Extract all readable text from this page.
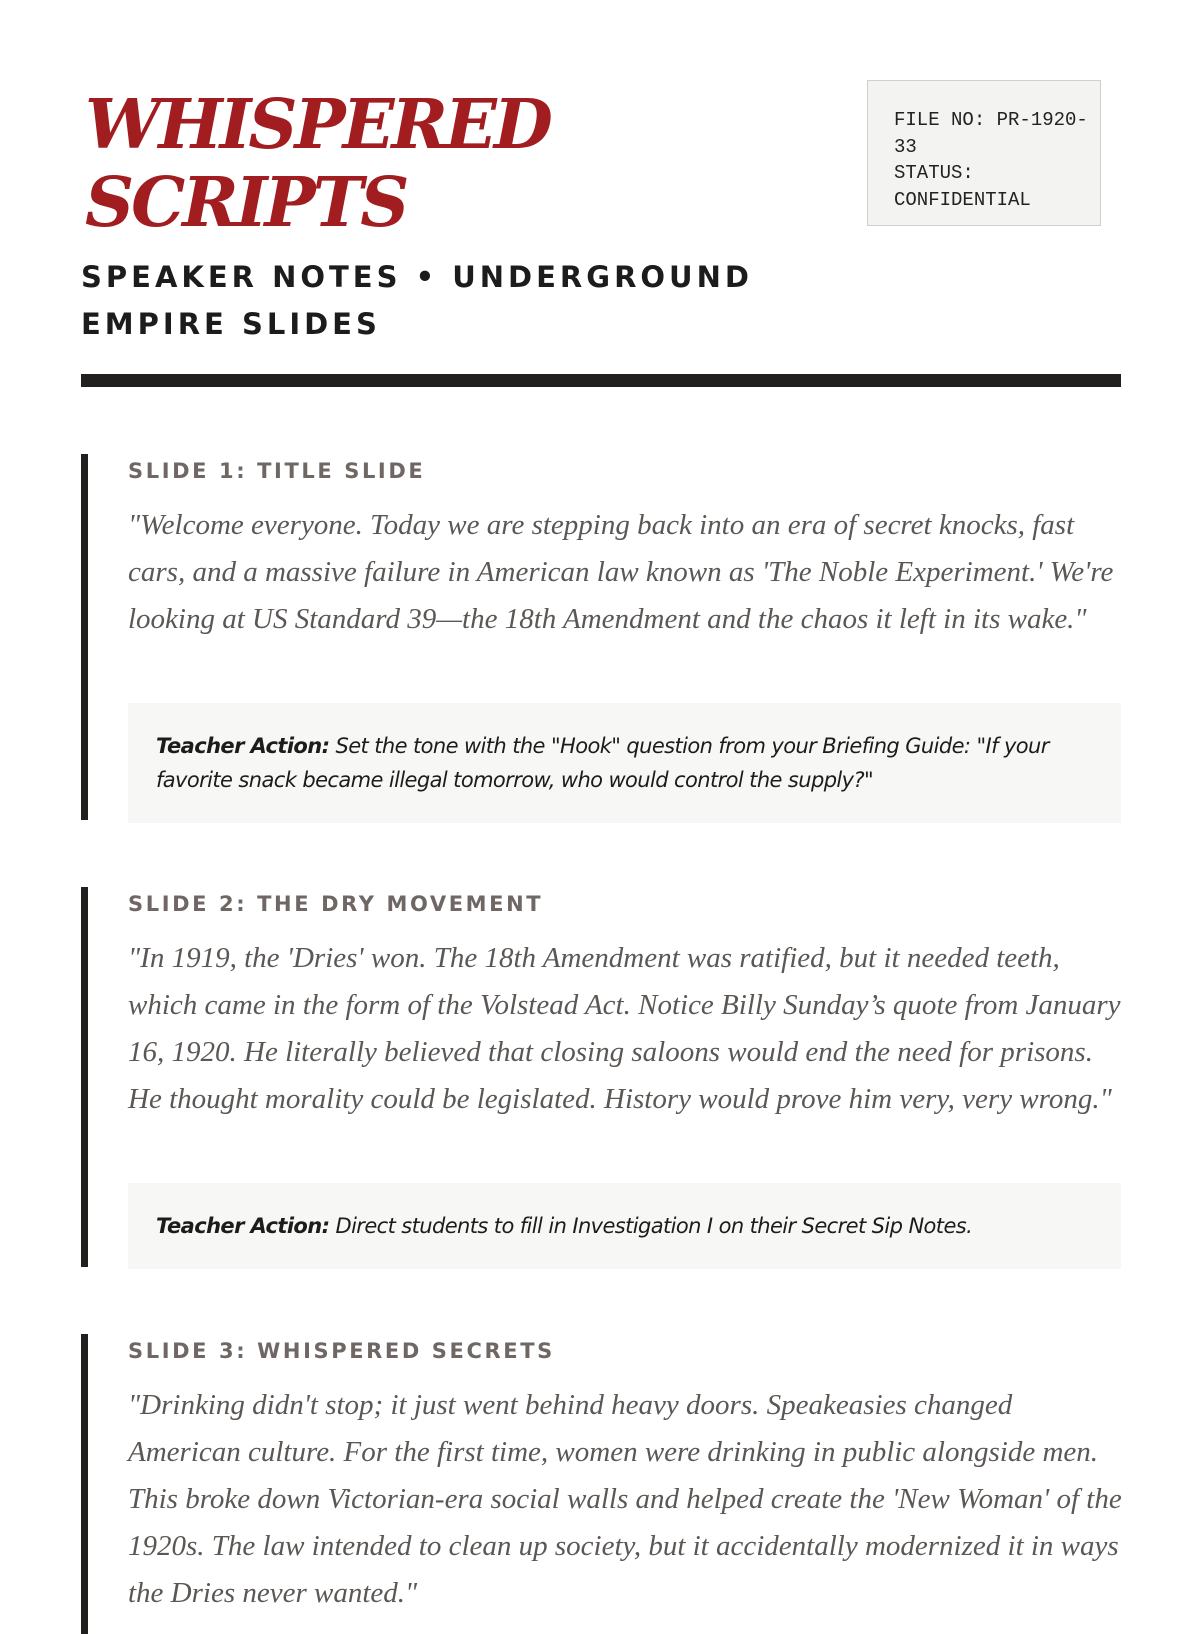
WHISPERED SCRIPTS
SPEAKER NOTES • UNDERGROUND EMPIRE SLIDES
FILE NO: PR-1920-33
STATUS: CONFIDENTIAL
SLIDE 1: TITLE SLIDE

"Welcome everyone. Today we are stepping back into an era of secret knocks, fast cars, and a massive failure in American law known as 'The Noble Experiment.' We're looking at US Standard 39—the 18th Amendment and the chaos it left in its wake."

Teacher Action: Set the tone with the "Hook" question from your Briefing Guide: "If your favorite snack became illegal tomorrow, who would control the supply?"
SLIDE 2: THE DRY MOVEMENT

"In 1919, the 'Dries' won. The 18th Amendment was ratified, but it needed teeth, which came in the form of the Volstead Act. Notice Billy Sunday’s quote from January 16, 1920. He literally believed that closing saloons would end the need for prisons. He thought morality could be legislated. History would prove him very, very wrong."

Teacher Action: Direct students to fill in Investigation I on their Secret Sip Notes.
SLIDE 3: WHISPERED SECRETS

"Drinking didn't stop; it just went behind heavy doors. Speakeasies changed American culture. For the first time, women were drinking in public alongside men. This broke down Victorian-era social walls and helped create the 'New Woman' of the 1920s. The law intended to clean up society, but it accidentally modernized it in ways the Dries never wanted."
